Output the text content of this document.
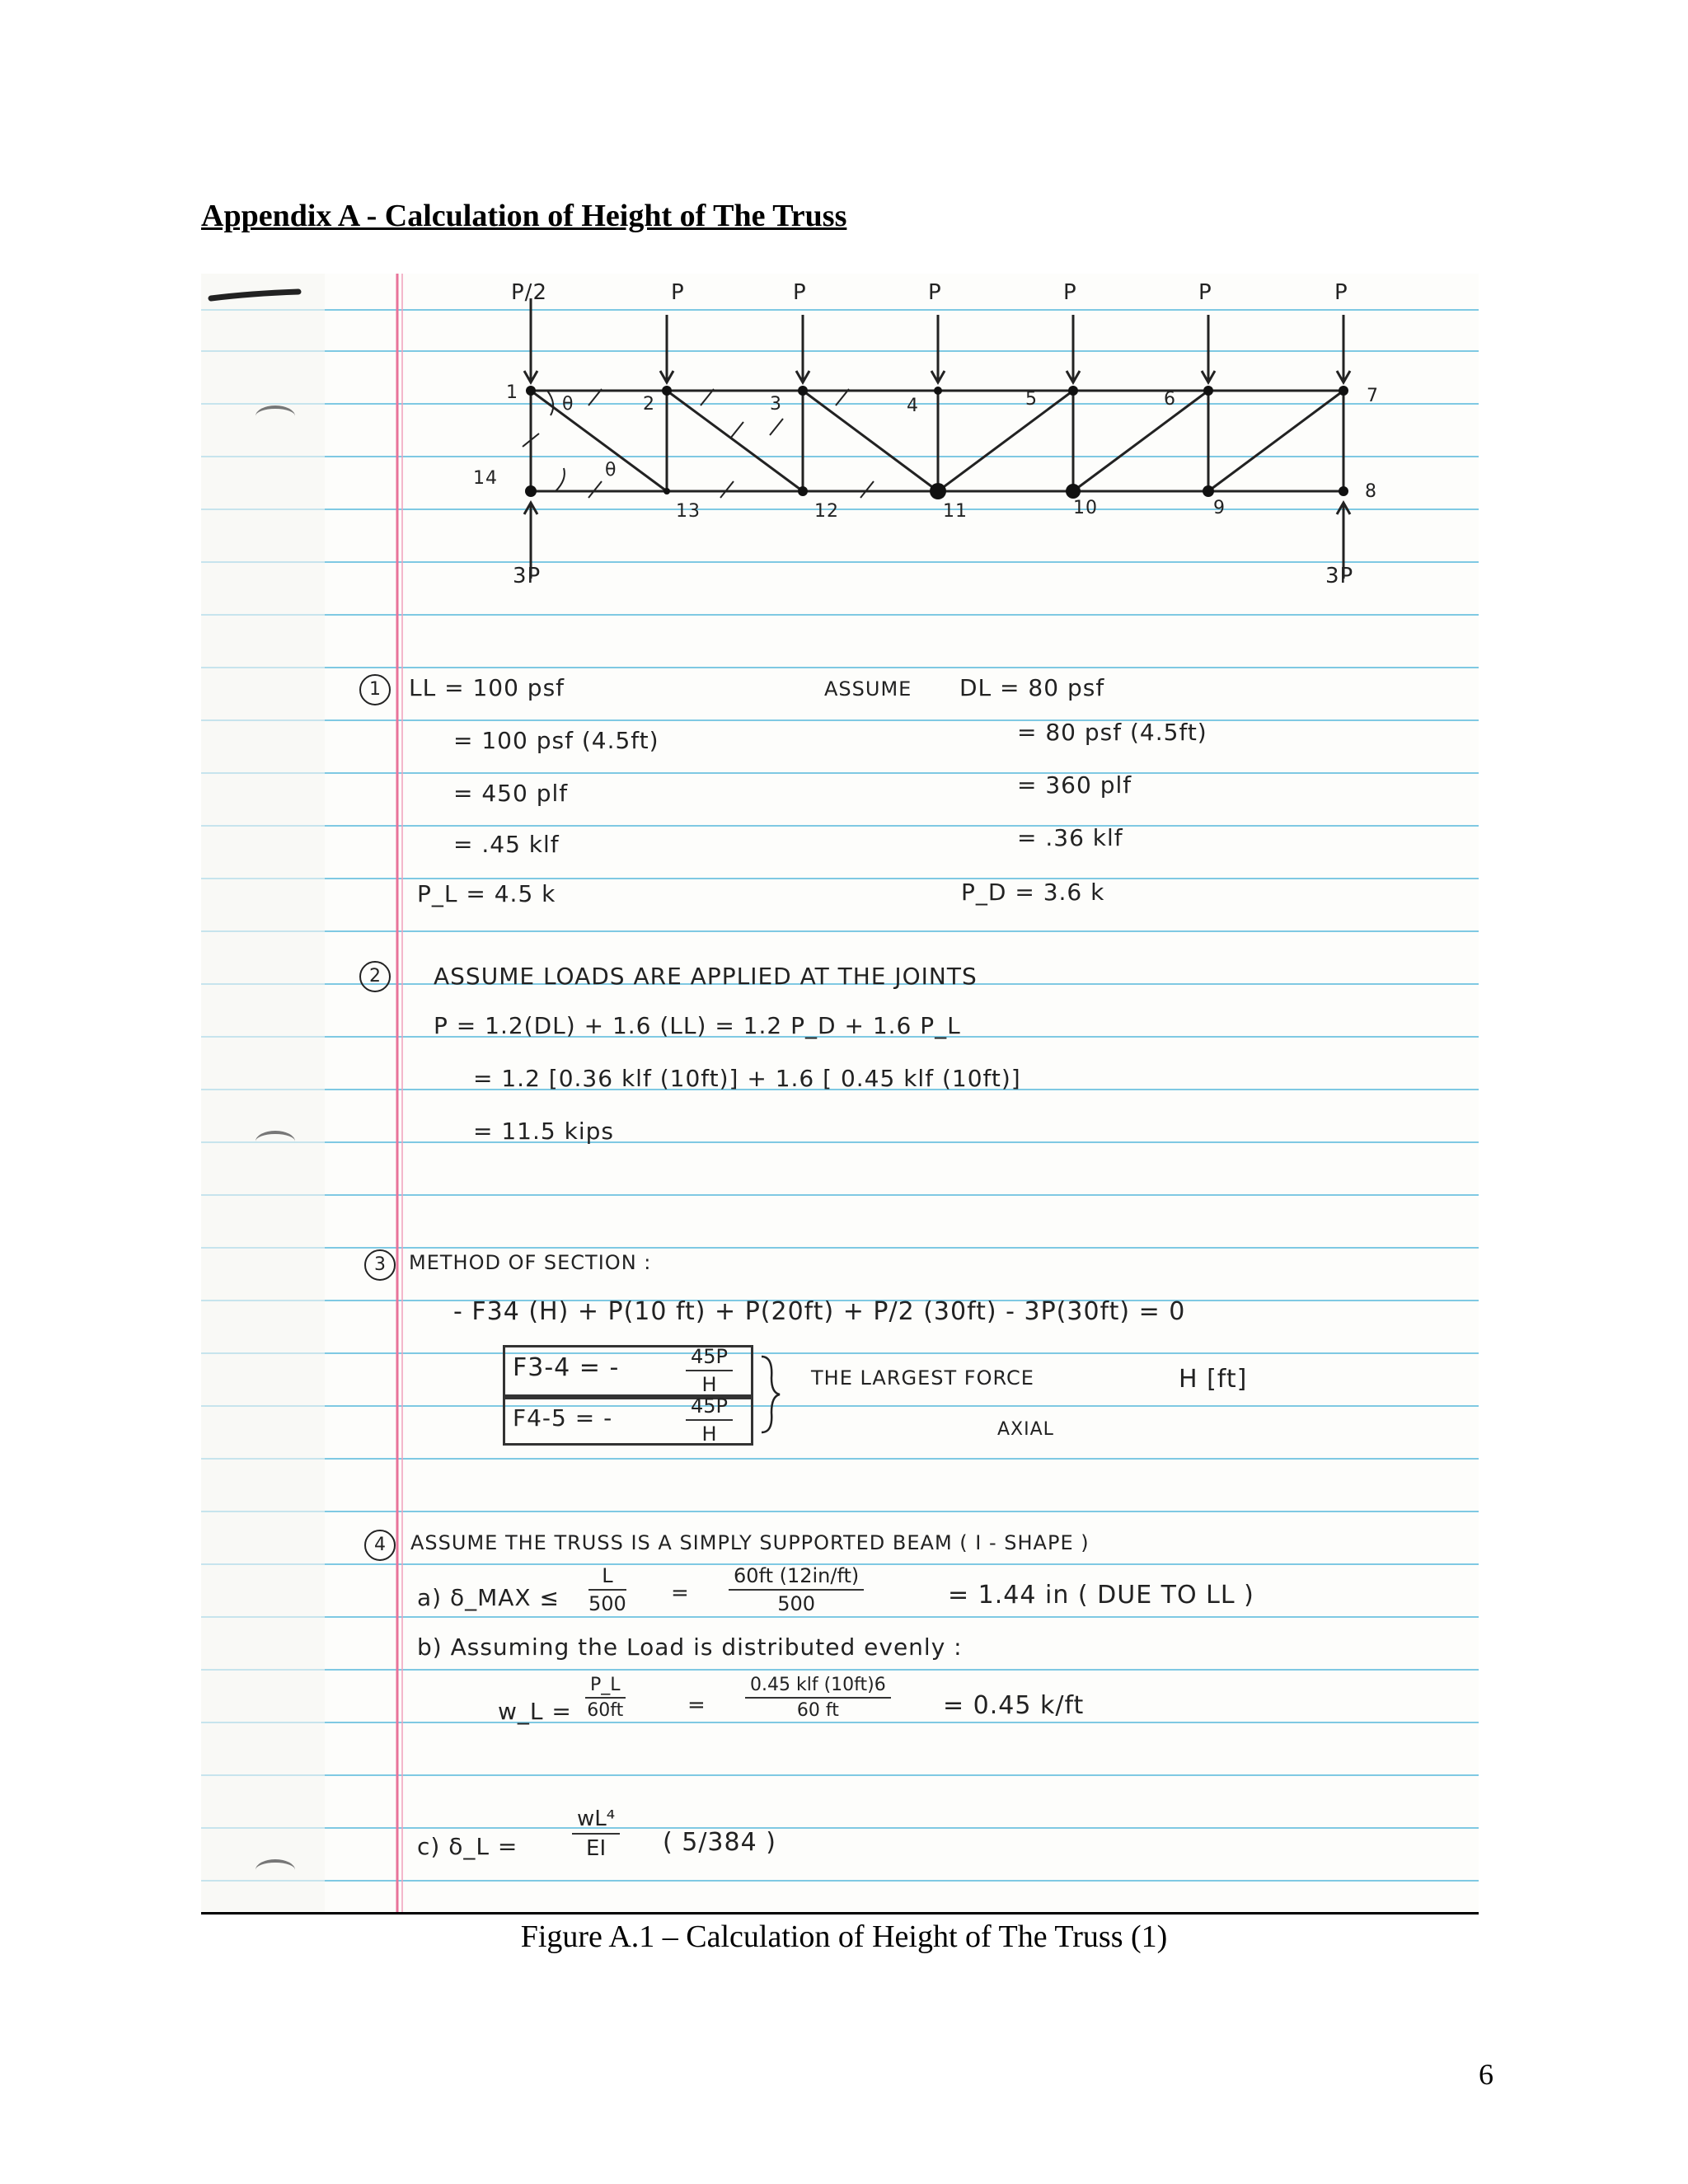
Appendix A - Calculation of Height of The Truss
P/2	P	P	P	P	P	P
1
2	3	4	5	6	7
14
13	12	11	10	9
8
θ
θ
3P	3P
1	LL = 100 psf
= 100 psf (4.5ft)
= 450 plf
= .45 klf
P_L = 4.5 k
ASSUME DL = 80 psf
= 80 psf (4.5ft)
= 360 plf
= .36 klf
P_D = 3.6 k
2	ASSUME LOADS ARE APPLIED AT THE JOINTS
P = 1.2(DL) + 1.6 (LL) = 1.2 P_D + 1.6 P_L
= 1.2 [0.36 klf (10ft)] + 1.6 [ 0.45 klf (10ft)]
= 11.5 kips
3	METHOD OF SECTION :
- F34 (H) + P(10 ft) + P(20ft) + P/2 (30ft) - 3P(30ft) = 0
F3-4 = -	$\frac{45P}{H}$
F4-5 = -	$\frac{45P}{H}$
THE LARGEST FORCE
AXIAL
H [ft]
4	ASSUME THE TRUSS IS A SIMPLY SUPPORTED BEAM ( I - SHAPE )
a) δ_MAX ≤ $\frac{L}{500} = \frac{60ft (12in/ft)}{500}$	= 1.44 in ( DUE TO LL )
b) Assuming the Load is distributed evenly :
w_L = $\frac{P\_L}{60ft}$	=
0.45 klf (10ft)6
60 ft	= 0.45 k/ft
c) δ_L =	$\frac{\text{wL⁴}}{EI}$ ( 5/384 )
Figure A.1 – Calculation of Height of The Truss (1)
6
